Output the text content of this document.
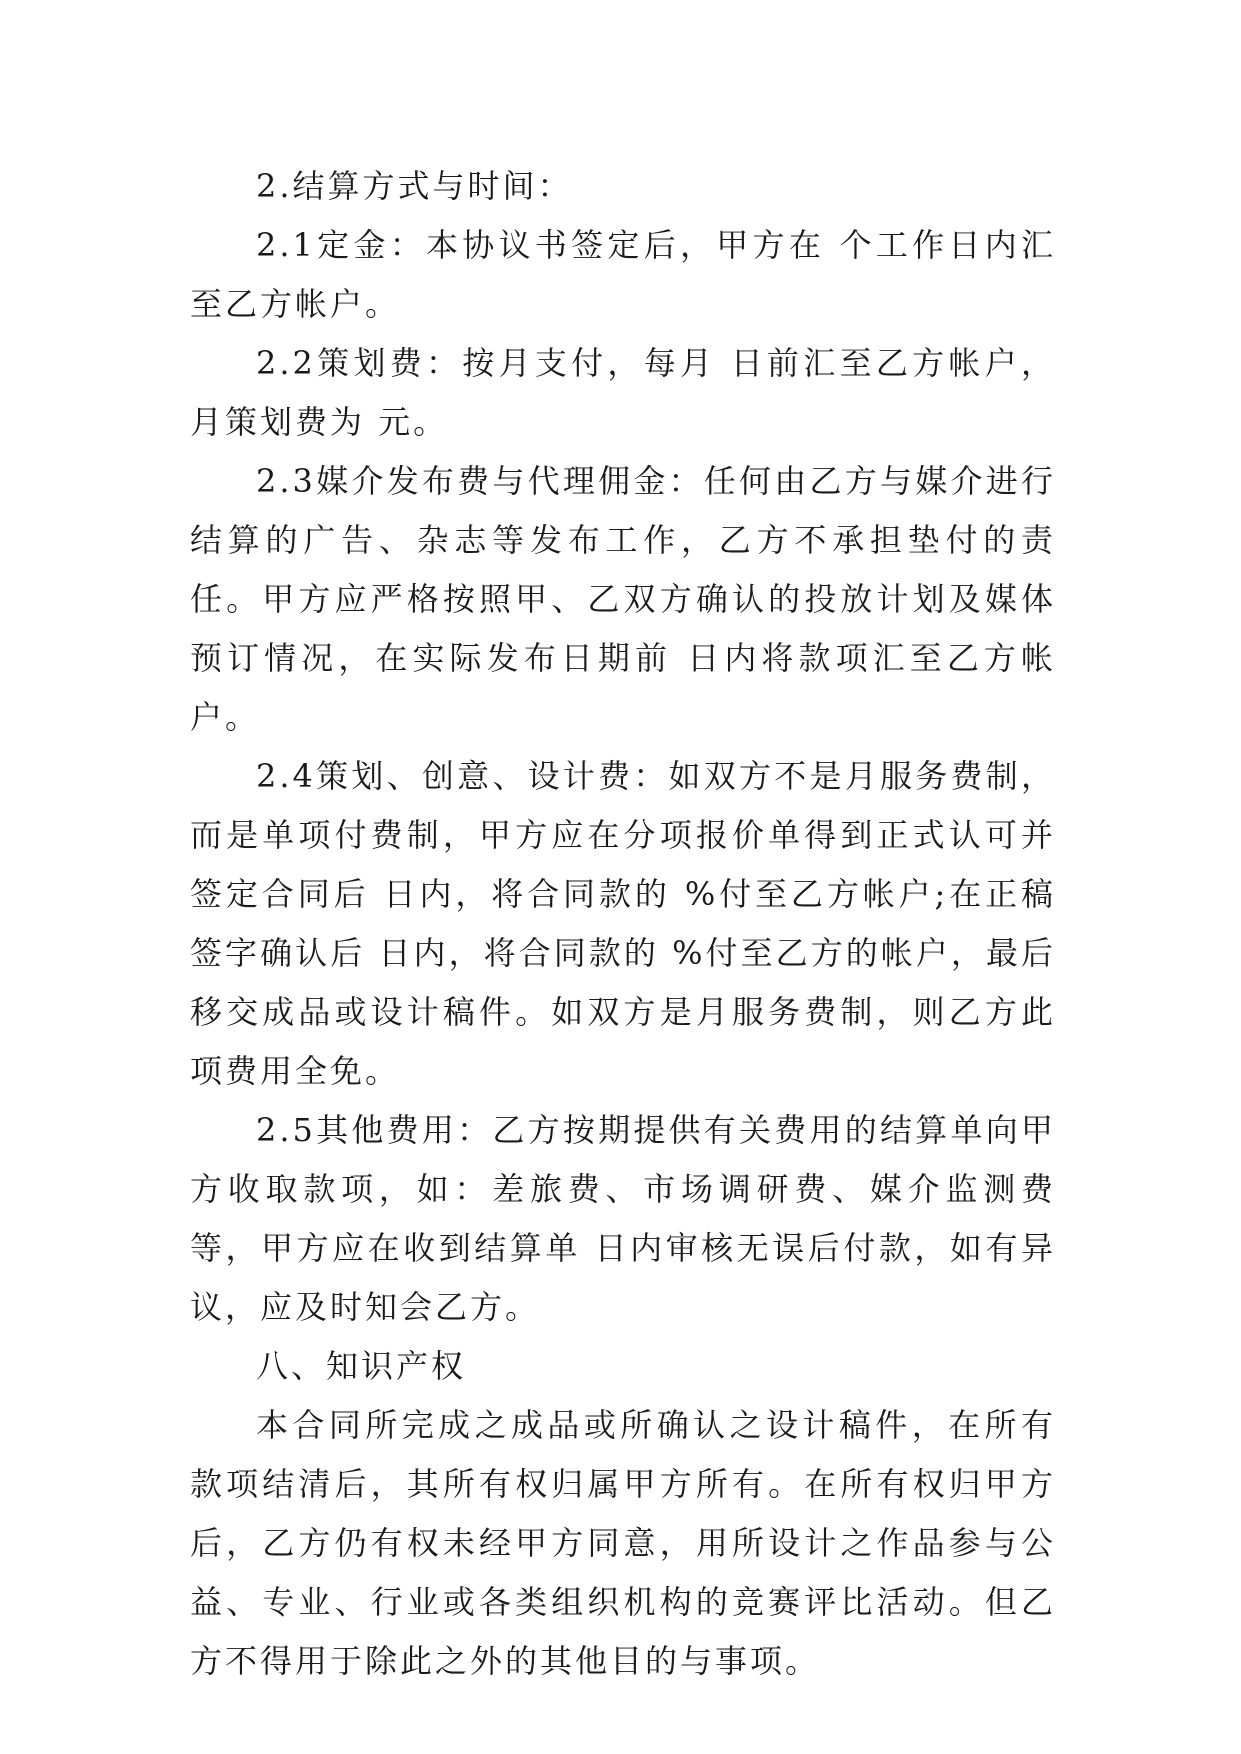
2.结算方式与时间：

2.1定金：本协议书签定后，甲方在 个工作日内汇至乙方帐户。

2.2策划费：按月支付，每月 日前汇至乙方帐户， 月策划费为 元。

2.3媒介发布费与代理佣金：任何由乙方与媒介进行结算的广告、杂志等发布工作，乙方不承担垫付的责任。甲方应严格按照甲、乙双方确认的投放计划及媒体预订情况，在实际发布日期前 日内将款项汇至乙方帐户。

2.4策划、创意、设计费：如双方不是月服务费制，而是单项付费制，甲方应在分项报价单得到正式认可并签定合同后 日内，将合同款的 %付至乙方帐户;在正稿签字确认后 日内，将合同款的 %付至乙方的帐户，最后移交成品或设计稿件。如双方是月服务费制，则乙方此项费用全免。

2.5其他费用：乙方按期提供有关费用的结算单向甲方收取款项，如：差旅费、市场调研费、媒介监测费等，甲方应在收到结算单 日内审核无误后付款，如有异议，应及时知会乙方。

八、知识产权

本合同所完成之成品或所确认之设计稿件，在所有款项结清后，其所有权归属甲方所有。在所有权归甲方后，乙方仍有权未经甲方同意，用所设计之作品参与公益、专业、行业或各类组织机构的竞赛评比活动。但乙方不得用于除此之外的其他目的与事项。
